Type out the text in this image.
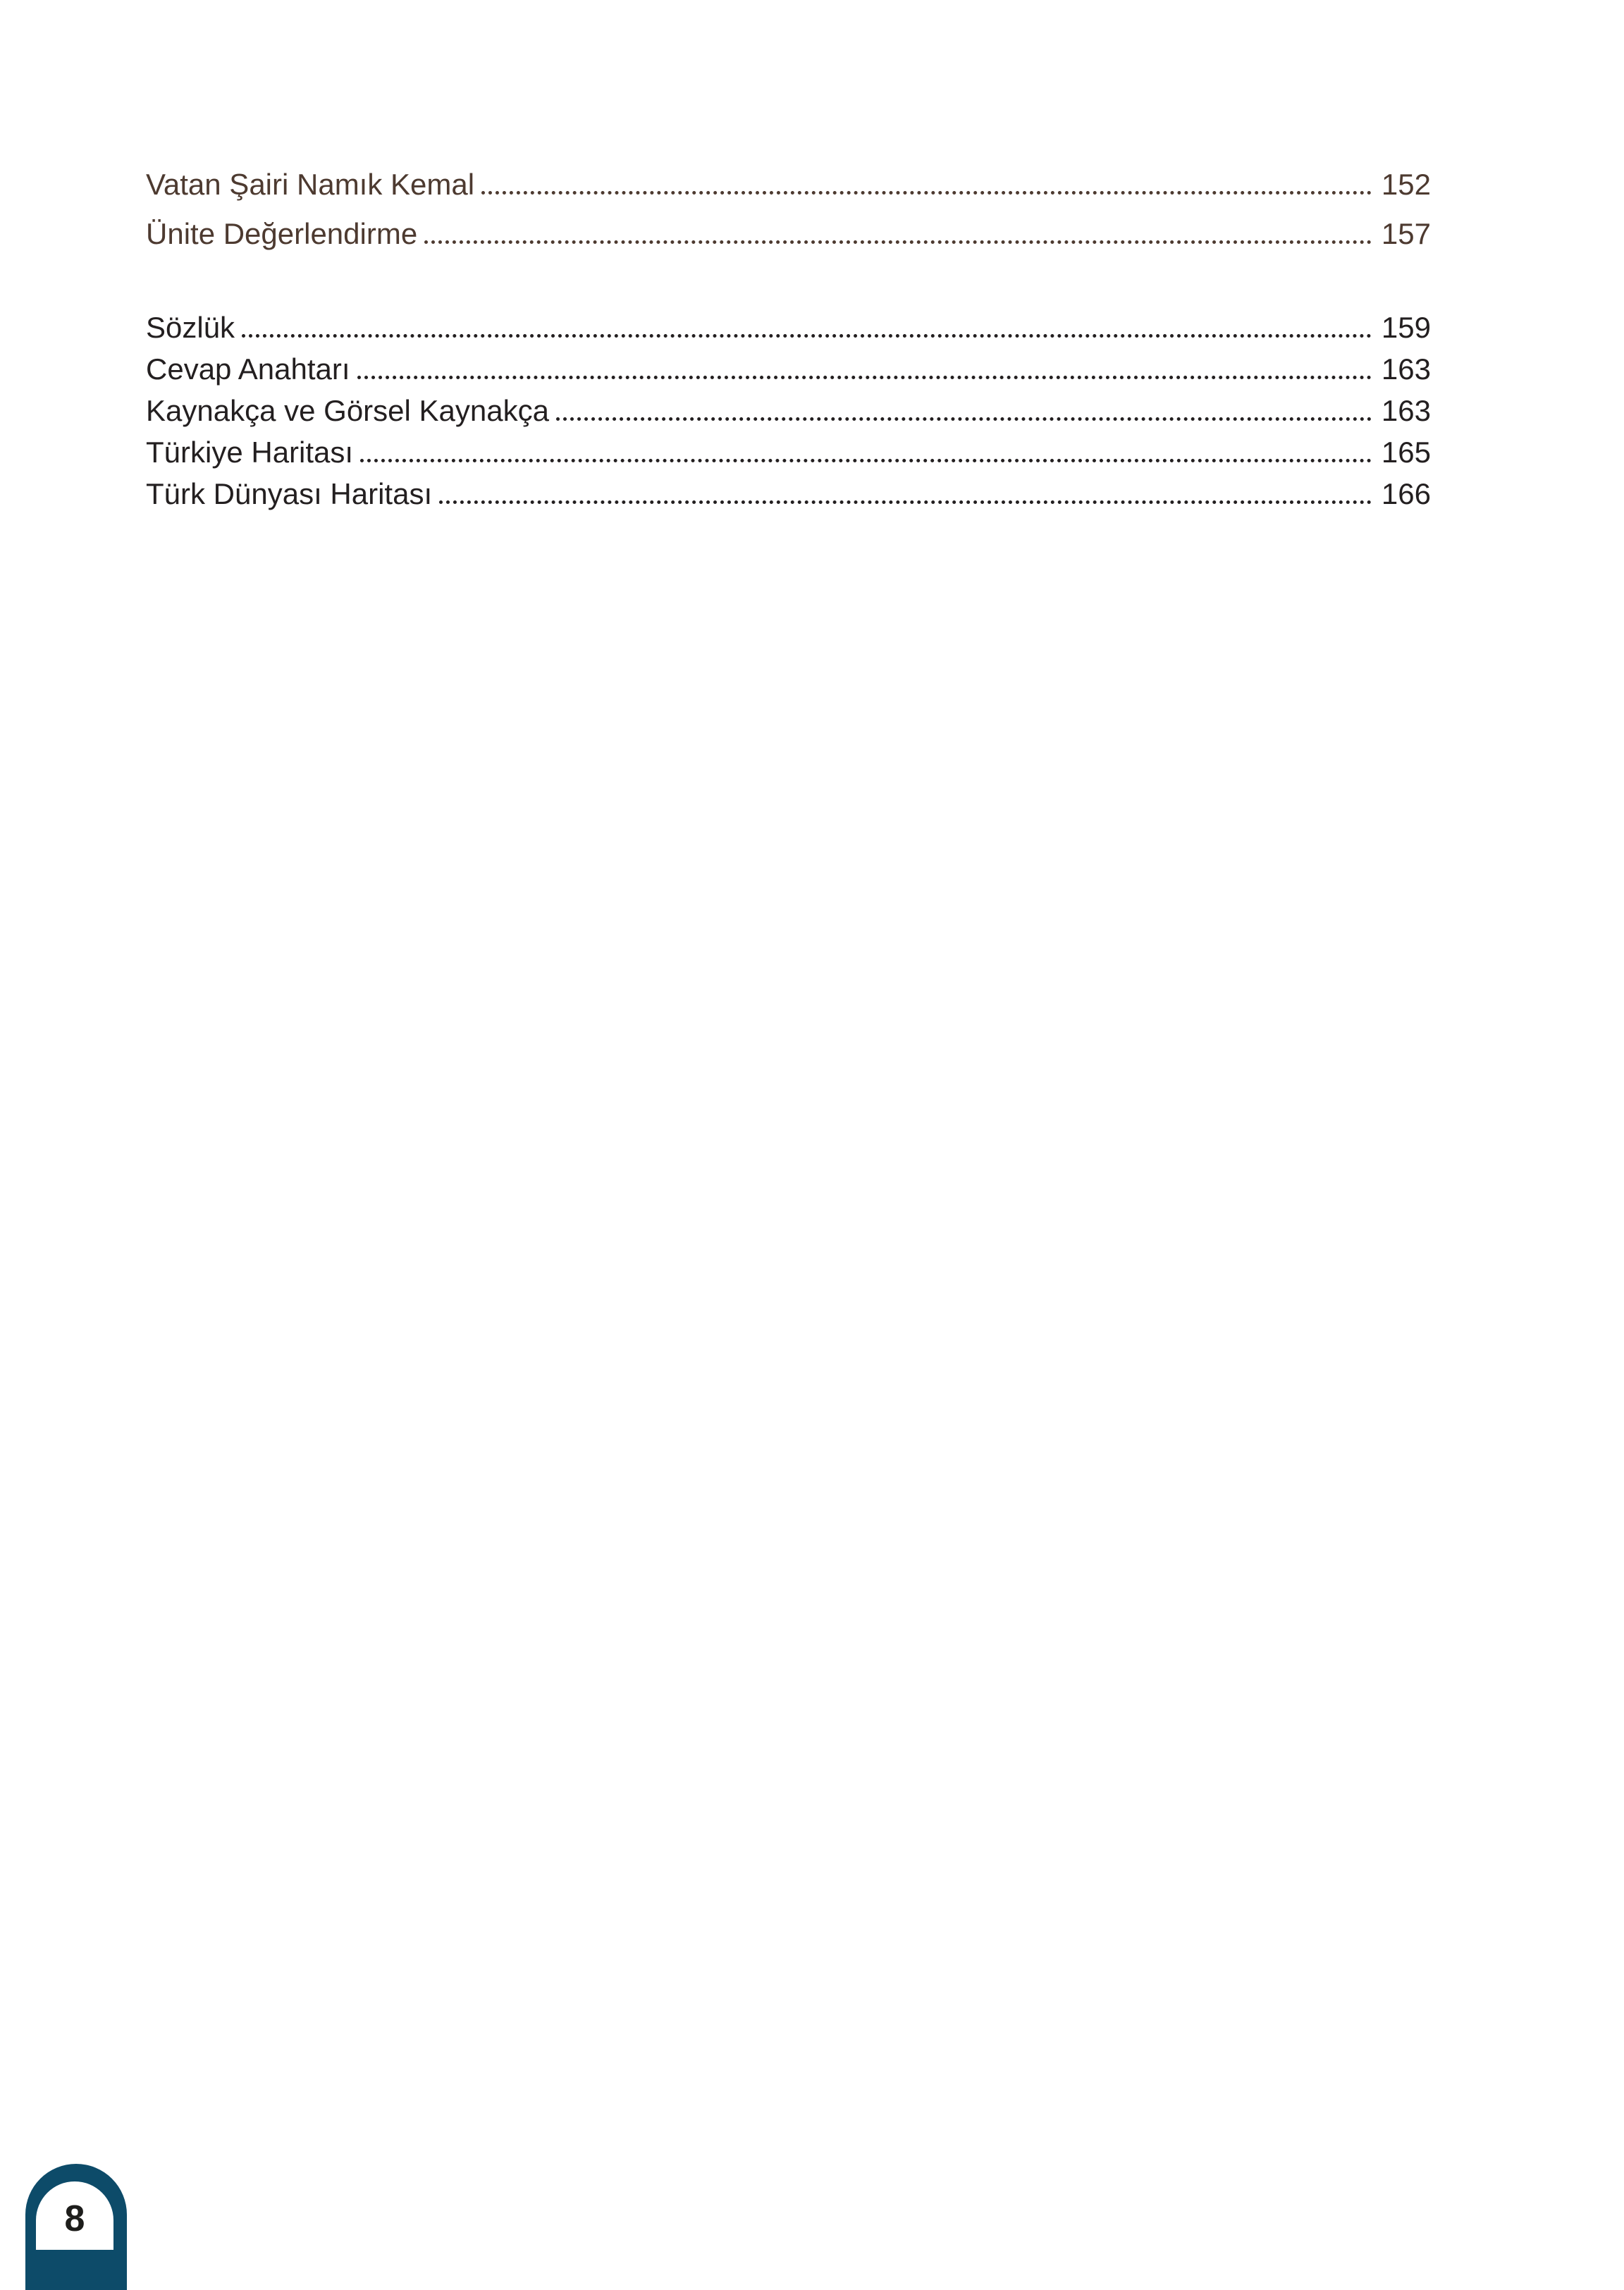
Vatan Şairi Namık Kemal	152
Ünite Değerlendirme	157
Sözlük	159
Cevap Anahtarı	163
Kaynakça ve Görsel Kaynakça	163
Türkiye Haritası	165
Türk Dünyası Haritası	166
8
